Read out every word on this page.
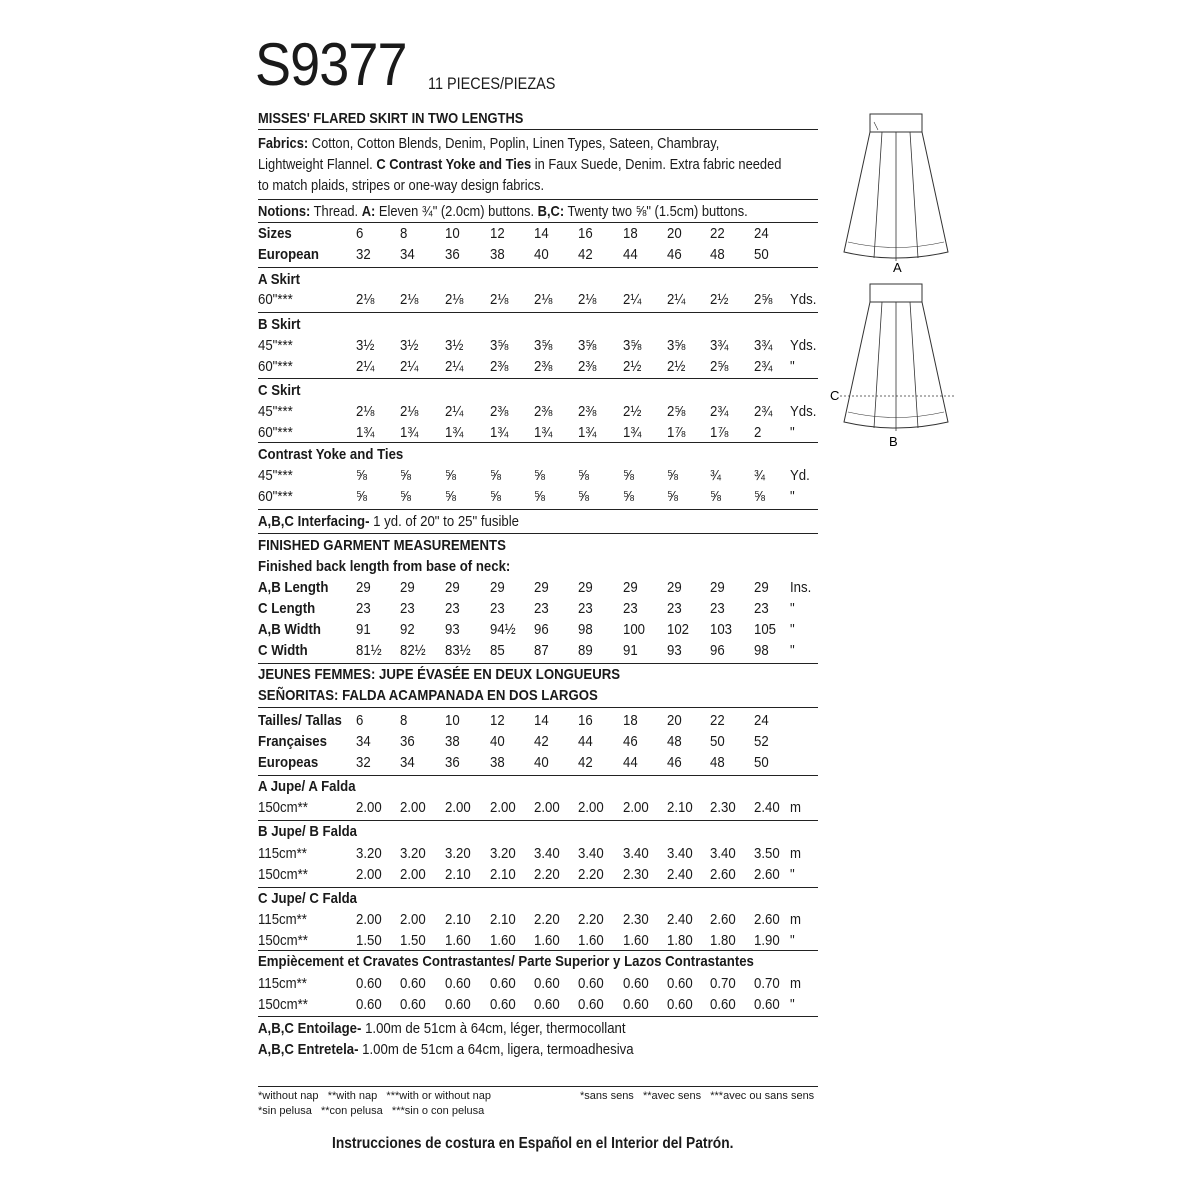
S9377 11 PIECES/PIEZAS
MISSES' FLARED SKIRT IN TWO LENGTHS
Fabrics: Cotton, Cotton Blends, Denim, Poplin, Linen Types, Sateen, Chambray,
Lightweight Flannel. C Contrast Yoke and Ties in Faux Suede, Denim. Extra fabric needed
to match plaids, stripes or one-way design fabrics.
Notions: Thread. A: Eleven ¾" (2.0cm) buttons. B,C: Twenty two ⅝" (1.5cm) buttons.
Sizes	6 8	10 12 14 16 18 20 22 24
European 32 34 36 38 40 42 44 46 48 50
A Skirt
60"***	2⅛ 2⅛ 2⅛ 2⅛ 2⅛ 2⅛ 2¼ 2¼ 2½ 2⅝ Yds.
B Skirt
45"***	3½ 3½ 3½ 3⅝ 3⅝ 3⅝ 3⅝ 3⅝ 3¾ 3¾ Yds.
60"***	2¼ 2¼ 2¼ 2⅜ 2⅜ 2⅜ 2½ 2½ 2⅝ 2¾ "
C Skirt
45"***	2⅛ 2⅛ 2¼ 2⅜ 2⅜ 2⅜ 2½ 2⅝ 2¾ 2¾ Yds.
60"***	1¾ 1¾ 1¾ 1¾ 1¾ 1¾ 1¾ 1⅞ 1⅞ 2 "
Contrast Yoke and Ties
45"***	⅝ ⅝ ⅝ ⅝ ⅝ ⅝ ⅝ ⅝ ¾ ¾ Yd.
60"***	⅝ ⅝ ⅝ ⅝ ⅝ ⅝ ⅝ ⅝ ⅝ ⅝ "
A,B,C Interfacing- 1 yd. of 20" to 25" fusible
FINISHED GARMENT MEASUREMENTS
Finished back length from base of neck:
A,B Length 29 29 29 29 29 29 29 29 29 29 Ins.
C Length	23 23 23 23 23 23 23 23 23 23 "
A,B Width 91 92 93 94½ 96 98 100 102 103 105 "
C Width	81½ 82½ 83½ 85 87 89 91 93 96 98 "
JEUNES FEMMES: JUPE ÉVASÉE EN DEUX LONGUEURS
SEÑORITAS: FALDA ACAMPANADA EN DOS LARGOS
Tailles/ Tallas 6 8	10 12 14 16 18 20 22 24
Françaises 34 36 38 40 42 44 46 48 50 52
Europeas	32 34 36 38 40 42 44 46 48 50
A Jupe/ A Falda
150cm**	2.00 2.00 2.00 2.00 2.00 2.00 2.00 2.10 2.30 2.40 m
B Jupe/ B Falda
115cm**	3.20 3.20 3.20 3.20 3.40 3.40 3.40 3.40 3.40 3.50 m
150cm**	2.00 2.00 2.10 2.10 2.20 2.20 2.30 2.40 2.60 2.60 "
C Jupe/ C Falda
115cm**	2.00 2.00 2.10 2.10 2.20 2.20 2.30 2.40 2.60 2.60 m
150cm**	1.50 1.50 1.60 1.60 1.60 1.60 1.60 1.80 1.80 1.90 "
Empiècement et Cravates Contrastantes/ Parte Superior y Lazos Contrastantes
115cm**	0.60 0.60 0.60 0.60 0.60 0.60 0.60 0.60 0.70 0.70 m
150cm**	0.60 0.60 0.60 0.60 0.60 0.60 0.60 0.60 0.60 0.60 "
A,B,C Entoilage- 1.00m de 51cm à 64cm, léger, thermocollant
A,B,C Entretela- 1.00m de 51cm a 64cm, ligera, termoadhesiva
A
C
B
*without nap   **with nap   ***with or without nap
*sin pelusa   **con pelusa   ***sin o con pelusa
*sans sens   **avec sens   ***avec ou sans sens
Instrucciones de costura en Español en el Interior del Patrón.
